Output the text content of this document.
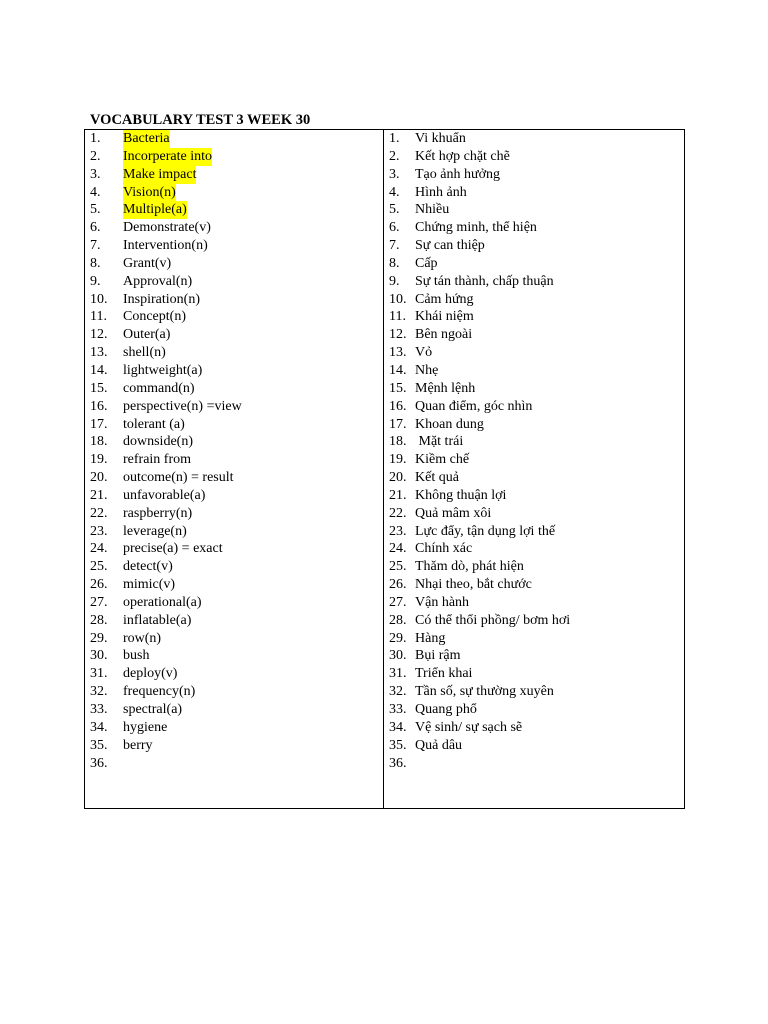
VOCABULARY TEST 3 WEEK 30
1. Bacteria
2. Incorperate into
3. Make impact
4. Vision(n)
5. Multiple(a)
6. Demonstrate(v)
7. Intervention(n)
8. Grant(v)
9. Approval(n)
10. Inspiration(n)
11. Concept(n)
12. Outer(a)
13. shell(n)
14. lightweight(a)
15. command(n)
16. perspective(n) =view
17. tolerant (a)
18. downside(n)
19. refrain from
20. outcome(n) = result
21. unfavorable(a)
22. raspberry(n)
23. leverage(n)
24. precise(a) = exact
25. detect(v)
26. mimic(v)
27. operational(a)
28. inflatable(a)
29. row(n)
30. bush
31. deploy(v)
32. frequency(n)
33. spectral(a)
34. hygiene
35. berry
36.
1. Vi khuẩn
2. Kết hợp chặt chẽ
3. Tạo ảnh hưởng
4. Hình ảnh
5. Nhiều
6. Chứng minh, thể hiện
7. Sự can thiệp
8. Cấp
9. Sự tán thành, chấp thuận
10. Cảm hứng
11. Khái niệm
12. Bên ngoài
13. Vỏ
14. Nhẹ
15. Mệnh lệnh
16. Quan điểm, góc nhìn
17. Khoan dung
18. Mặt trái
19. Kiềm chế
20. Kết quả
21. Không thuận lợi
22. Quả mâm xôi
23. Lực đẩy, tận dụng lợi thế
24. Chính xác
25. Thăm dò, phát hiện
26. Nhại theo, bắt chước
27. Vận hành
28. Có thể thổi phồng/ bơm hơi
29. Hàng
30. Bụi rậm
31. Triển khai
32. Tần số, sự thường xuyên
33. Quang phổ
34. Vệ sinh/ sự sạch sẽ
35. Quả dâu
36.
